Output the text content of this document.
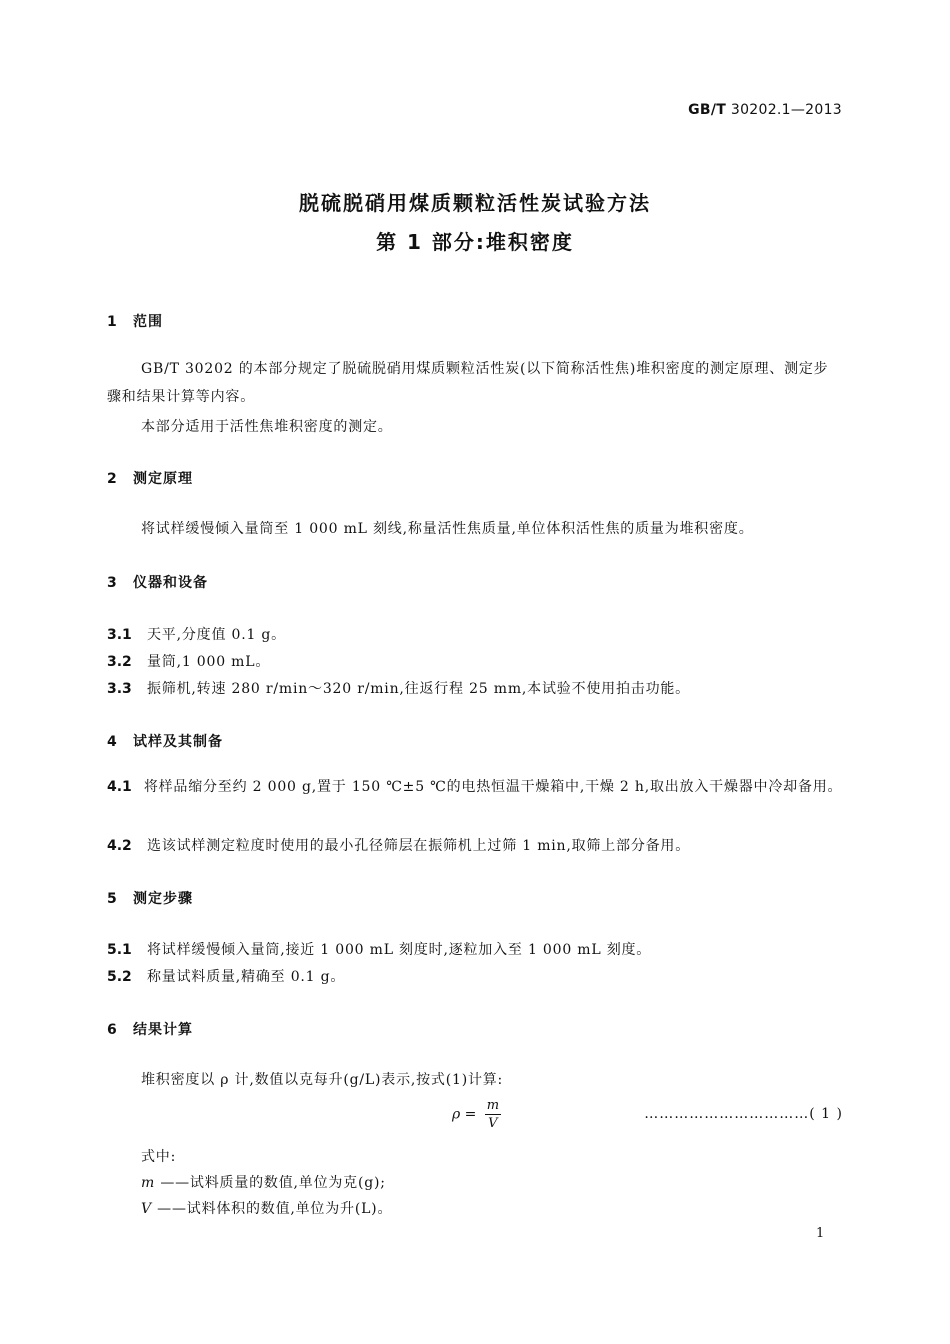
GB/T 30202.1—2013
脱硫脱硝用煤质颗粒活性炭试验方法
第 1 部分:堆积密度
1 范围
GB/T 30202 的本部分规定了脱硫脱硝用煤质颗粒活性炭(以下简称活性焦)堆积密度的测定原理、测定步骤和结果计算等内容。
本部分适用于活性焦堆积密度的测定。
2 测定原理
将试样缓慢倾入量筒至 1 000 mL 刻线,称量活性焦质量,单位体积活性焦的质量为堆积密度。
3 仪器和设备
3.1 天平,分度值 0.1 g。
3.2 量筒,1 000 mL。
3.3 振筛机,转速 280 r/min～320 r/min,往返行程 25 mm,本试验不使用拍击功能。
4 试样及其制备
4.1 将样品缩分至约 2 000 g,置于 150 ℃±5 ℃的电热恒温干燥箱中,干燥 2 h,取出放入干燥器中冷却备用。
4.2 选该试样测定粒度时使用的最小孔径筛层在振筛机上过筛 1 min,取筛上部分备用。
5 测定步骤
5.1 将试样缓慢倾入量筒,接近 1 000 mL 刻度时,逐粒加入至 1 000 mL 刻度。
5.2 称量试料质量,精确至 0.1 g。
6 结果计算
堆积密度以 ρ 计,数值以克每升(g/L)表示,按式(1)计算:
$\rho = \frac{m}{V}$	……………………………( 1 )
式中:
m ——试料质量的数值,单位为克(g);
V ——试料体积的数值,单位为升(L)。
1
